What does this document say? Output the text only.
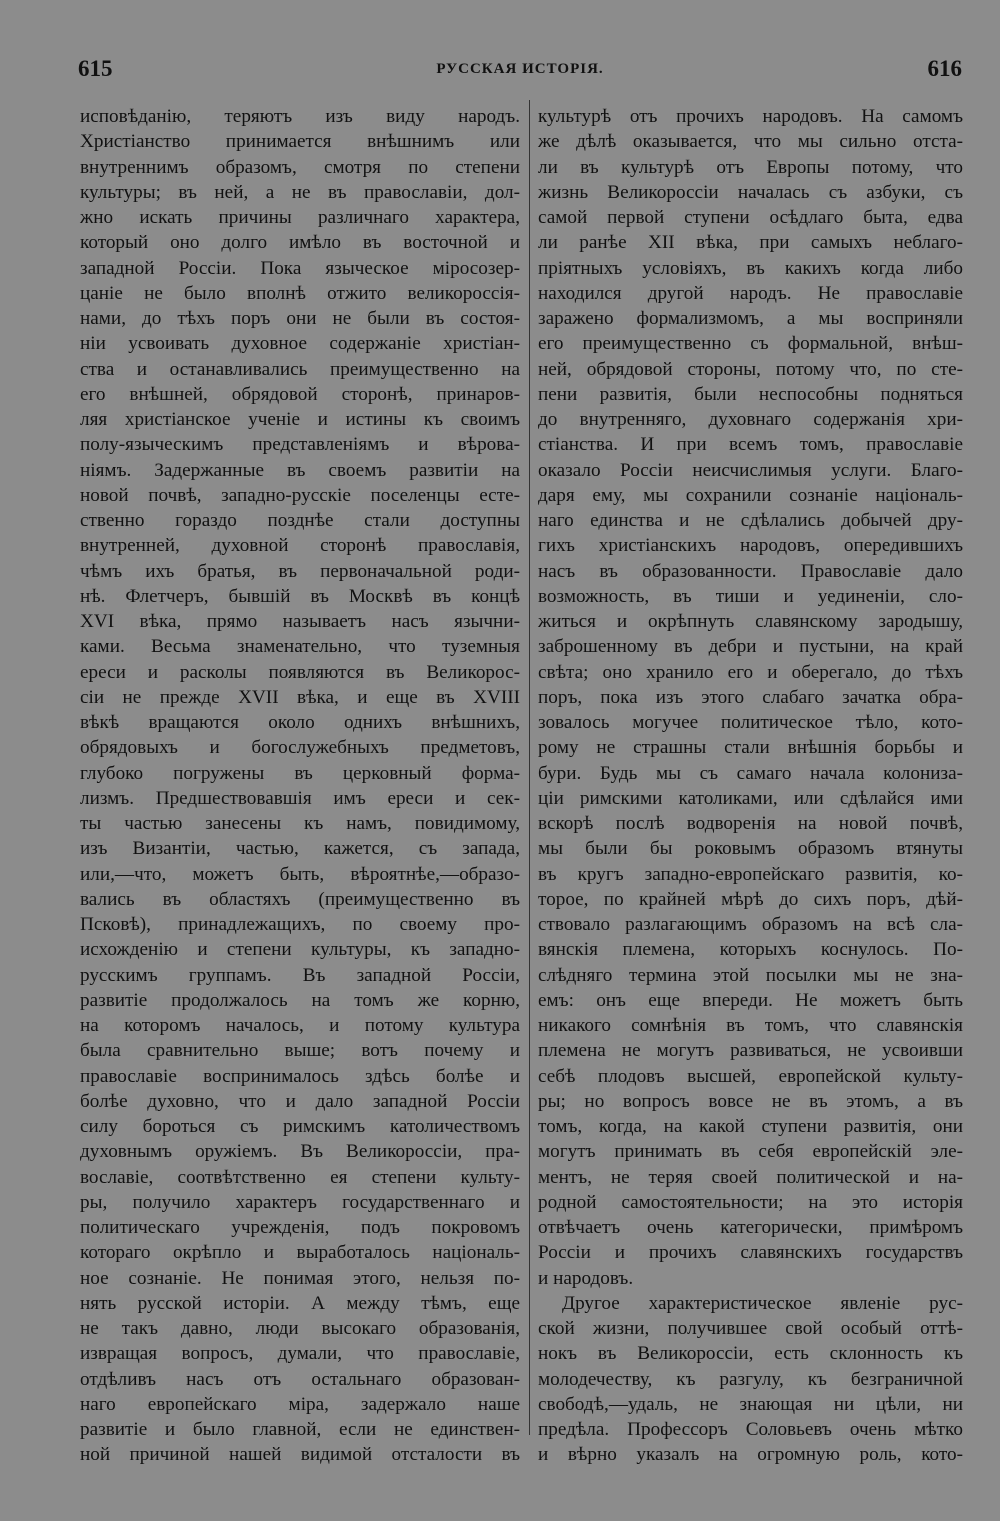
615	РУССКАЯ ИСТОРІЯ.	616
исповѣданію, теряютъ изъ виду народъ.
Христіанство принимается внѣшнимъ или
внутреннимъ образомъ, смотря по степени
культуры; въ ней, а не въ православіи, дол-
жно искать причины различнаго характера,
который оно долго имѣло въ восточной и
западной Россіи. Пока языческое міросозер-
цаніе не было вполнѣ отжито великороссія-
нами, до тѣхъ поръ они не были въ состоя-
ніи усвоивать духовное содержаніе христіан-
ства и останавливались преимущественно на
его внѣшней, обрядовой сторонѣ, принаров-
ляя христіанское ученіе и истины къ своимъ
полу-языческимъ представленіямъ и вѣрова-
ніямъ. Задержанные въ своемъ развитіи на
новой почвѣ, западно-русскіе поселенцы есте-
ственно гораздо позднѣе стали доступны
внутренней, духовной сторонѣ православія,
чѣмъ ихъ братья, въ первоначальной роди-
нѣ. Флетчеръ, бывшій въ Москвѣ въ концѣ
XVI вѣка, прямо называетъ насъ язычни-
ками. Весьма знаменательно, что туземныя
ереси и расколы появляются въ Великорос-
сіи не прежде XVII вѣка, и еще въ XVIII
вѣкѣ вращаются около однихъ внѣшнихъ,
обрядовыхъ и богослужебныхъ предметовъ,
глубоко погружены въ церковный форма-
лизмъ. Предшествовавшія имъ ереси и сек-
ты частью занесены къ намъ, повидимому,
изъ Византіи, частью, кажется, съ запада,
или,—что, можетъ быть, вѣроятнѣе,—образо-
вались въ областяхъ (преимущественно въ
Псковѣ), принадлежащихъ, по своему про-
исхожденію и степени культуры, къ западно-
русскимъ группамъ. Въ западной Россіи,
развитіе продолжалось на томъ же корню,
на которомъ началось, и потому культура
была сравнительно выше; вотъ почему и
православіе воспринималось здѣсь болѣе и
болѣе духовно, что и дало западной Россіи
силу бороться съ римскимъ католичествомъ
духовнымъ оружіемъ. Въ Великороссіи, пра-
вославіе, соотвѣтственно ея степени культу-
ры, получило характеръ государственнаго и
политическаго учрежденія, подъ покровомъ
котораго окрѣпло и выработалось національ-
ное сознаніе. Не понимая этого, нельзя по-
нять русской исторіи. А между тѣмъ, еще
не такъ давно, люди высокаго образованія,
извращая вопросъ, думали, что православіе,
отдѣливъ насъ отъ остальнаго образован-
наго европейскаго міра, задержало наше
развитіе и было главной, если не единствен-
ной причиной нашей видимой отсталости въ
культурѣ отъ прочихъ народовъ. На самомъ
же дѣлѣ оказывается, что мы сильно отста-
ли въ культурѣ отъ Европы потому, что
жизнь Великороссіи началась съ азбуки, съ
самой первой ступени осѣдлаго быта, едва
ли ранѣе XII вѣка, при самыхъ неблаго-
пріятныхъ условіяхъ, въ какихъ когда либо
находился другой народъ. Не православіе
заражено формализмомъ, а мы восприняли
его преимущественно съ формальной, внѣш-
ней, обрядовой стороны, потому что, по сте-
пени развитія, были неспособны подняться
до внутренняго, духовнаго содержанія хри-
стіанства. И при всемъ томъ, православіе
оказало Россіи неисчислимыя услуги. Благо-
даря ему, мы сохранили сознаніе національ-
наго единства и не сдѣлались добычей дру-
гихъ христіанскихъ народовъ, опередившихъ
насъ въ образованности. Православіе дало
возможность, въ тиши и уединеніи, сло-
житься и окрѣпнуть славянскому зародышу,
заброшенному въ дебри и пустыни, на край
свѣта; оно хранило его и оберегало, до тѣхъ
поръ, пока изъ этого слабаго зачатка обра-
зовалось могучее политическое тѣло, кото-
рому не страшны стали внѣшнія борьбы и
бури. Будь мы съ самаго начала колониза-
ціи римскими католиками, или сдѣлайся ими
вскорѣ послѣ водворенія на новой почвѣ,
мы были бы роковымъ образомъ втянуты
въ кругъ западно-европейскаго развитія, ко-
торое, по крайней мѣрѣ до сихъ поръ, дѣй-
ствовало разлагающимъ образомъ на всѣ сла-
вянскія племена, которыхъ коснулось. По-
слѣдняго термина этой посылки мы не зна-
емъ: онъ еще впереди. Не можетъ быть
никакого сомнѣнія въ томъ, что славянскія
племена не могутъ развиваться, не усвоивши
себѣ плодовъ высшей, европейской культу-
ры; но вопросъ вовсе не въ этомъ, а въ
томъ, когда, на какой ступени развитія, они
могутъ принимать въ себя европейскій эле-
ментъ, не теряя своей политической и на-
родной самостоятельности; на это исторія
отвѣчаетъ очень категорически, примѣромъ
Россіи и прочихъ славянскихъ государствъ
и народовъ.
Другое характеристическое явленіе рус-
ской жизни, получившее свой особый оттѣ-
нокъ въ Великороссіи, есть склонность къ
молодечеству, къ разгулу, къ безграничной
свободѣ,—удаль, не знающая ни цѣли, ни
предѣла. Профессоръ Соловьевъ очень мѣтко
и вѣрно указалъ на огромную роль, кото-
